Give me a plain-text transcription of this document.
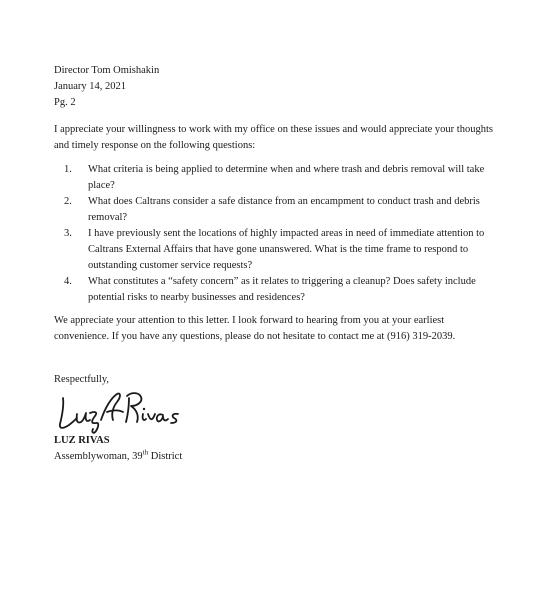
Director Tom Omishakin
January 14, 2021
Pg. 2
I appreciate your willingness to work with my office on these issues and would appreciate your thoughts and timely response on the following questions:
1. What criteria is being applied to determine when and where trash and debris removal will take place?
2. What does Caltrans consider a safe distance from an encampment to conduct trash and debris removal?
3. I have previously sent the locations of highly impacted areas in need of immediate attention to Caltrans External Affairs that have gone unanswered. What is the time frame to respond to outstanding customer service requests?
4. What constitutes a “safety concern” as it relates to triggering a cleanup? Does safety include potential risks to nearby businesses and residences?
We appreciate your attention to this letter. I look forward to hearing from you at your earliest convenience. If you have any questions, please do not hesitate to contact me at (916) 319-2039.
Respectfully,
LUZ RIVAS
Assemblywoman, 39th District
